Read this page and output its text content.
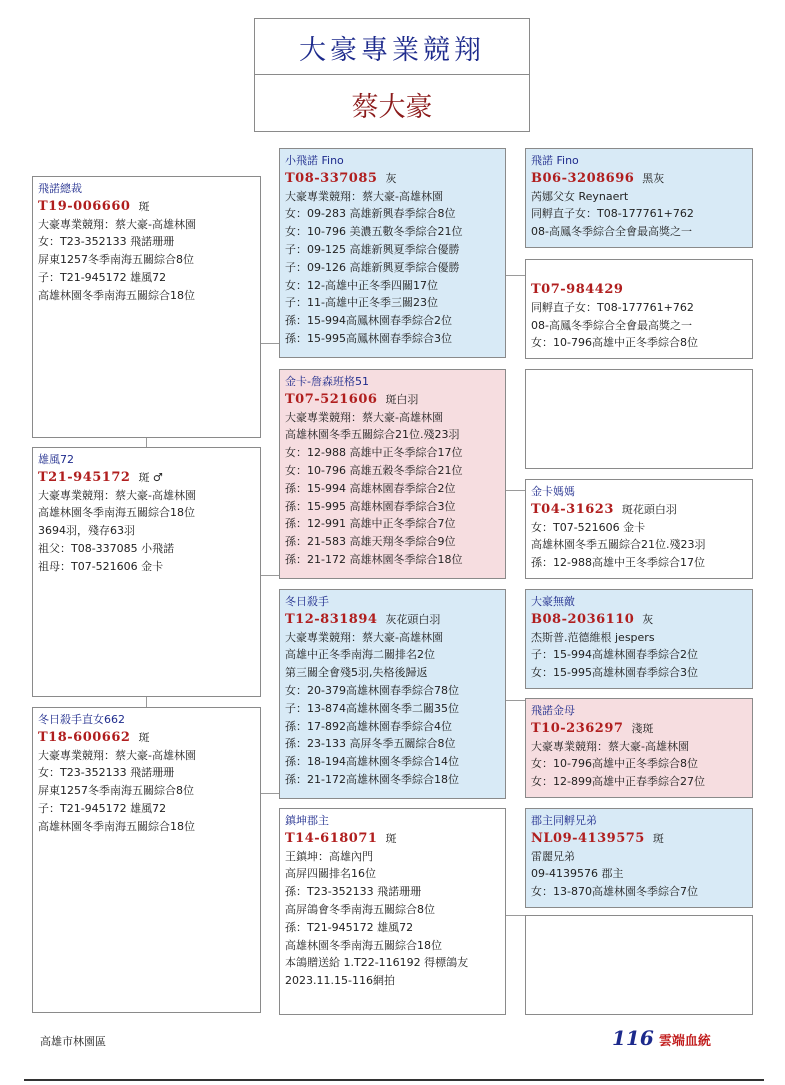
大豪專業競翔
蔡大豪
飛諾總裁
T19-006660 斑
大豪專業競翔：蔡大豪-高雄林園
女：T23-352133 飛諾珊珊
屏東1257冬季南海五關綜合8位
子：T21-945172 雄風72
高雄林園冬季南海五關綜合18位
雄風72
T21-945172 斑 ♂
大豪專業競翔：蔡大豪-高雄林園
高雄林園冬季南海五關綜合18位
3694羽，殘存63羽
祖父：T08-337085 小飛諾
祖母：T07-521606 金卡
冬日殺手直女662
T18-600662 斑
大豪專業競翔：蔡大豪-高雄林園
女：T23-352133 飛諾珊珊
屏東1257冬季南海五關綜合8位
子：T21-945172 雄風72
高雄林園冬季南海五關綜合18位
小飛諾 Fino
T08-337085 灰
大豪專業競翔：蔡大豪-高雄林園
女：09-283 高雄新興春季綜合8位
女：10-796 美濃五數冬季綜合21位
子：09-125 高雄新興夏季綜合優勝
子：09-126 高雄新興夏季綜合優勝
女：12-高雄中正冬季四關17位
子：11-高雄中正冬季三關23位
孫：15-994高鳳林園春季綜合2位
孫：15-995高鳳林園春季綜合3位
金卡-詹森班格51
T07-521606 斑白羽
大豪專業競翔：蔡大豪-高雄林園
高雄林園冬季五關綜合21位.殘23羽
女：12-988 高雄中正冬季綜合17位
女：10-796 高雄五穀冬季綜合21位
孫：15-994 高雄林園春季綜合2位
孫：15-995 高雄林園春季綜合3位
孫：12-991 高雄中正冬季綜合7位
孫：21-583 高雄天翔冬季綜合9位
孫：21-172 高雄林園冬季綜合18位
冬日殺手
T12-831894 灰花頭白羽
大豪專業競翔：蔡大豪-高雄林園
高雄中正冬季南海二關排名2位
第三關全會殘5羽,失格後歸返
女：20-379高雄林園春季綜合78位
子：13-874高雄林園冬季二關35位
孫：17-892高雄林園春季綜合4位
孫：23-133 高屏冬季五關綜合8位
孫：18-194高雄林園冬季綜合14位
孫：21-172高雄林園冬季綜合18位
鎮坤郡主
T14-618071 斑
王鎮坤：高雄內門
高屏四關排名16位
孫：T23-352133 飛諾珊珊
高屏鴿會冬季南海五關綜合8位
孫：T21-945172 雄風72
高雄林園冬季南海五關綜合18位
本鴿贈送給 1.T22-116192 得標鴿友
2023.11.15-116網拍
飛諾 Fino
B06-3208696 黑灰
芮娜父女 Reynaert
同孵直子女：T08-177761+762
08-高鳳冬季綜合全會最高獎之一
T07-984429
同孵直子女：T08-177761+762
08-高鳳冬季綜合全會最高獎之一
女：10-796高雄中正冬季綜合8位
金卡媽媽
T04-31623 斑花頭白羽
女：T07-521606 金卡
高雄林園冬季五關綜合21位.殘23羽
孫：12-988高雄中王冬季綜合17位
大豪無敵
B08-2036110 灰
杰斯普.范德維根 jespers
子：15-994高雄林園春季綜合2位
女：15-995高雄林園春季綜合3位
飛諾金母
T10-236297 淺斑
大豪專業競翔：蔡大豪-高雄林園
女：10-796高雄中正冬季綜合8位
女：12-899高雄中正春季綜合27位
郡主同孵兄弟
NL09-4139575 斑
雷麗兄弟
09-4139576 郡主
女：13-870高雄林園冬季綜合7位
高雄市林園區	116 雲端血統
